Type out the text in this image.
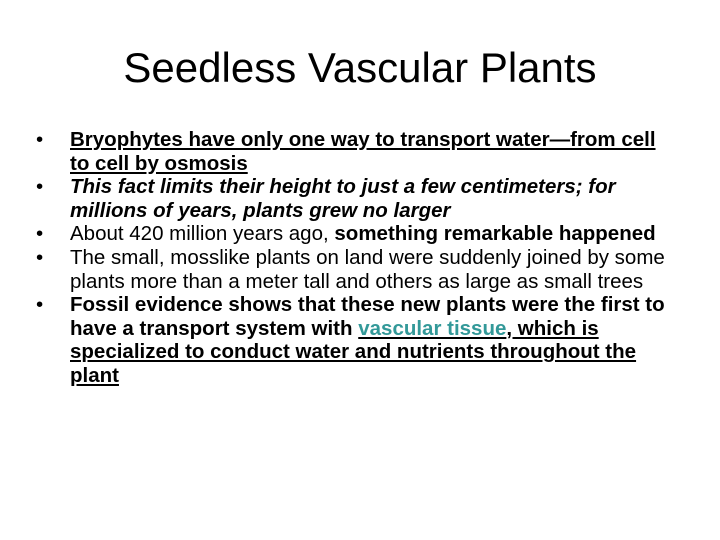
Seedless Vascular Plants
• Bryophytes have only one way to transport water—from cell to cell by osmosis
• This fact limits their height to just a few centimeters; for millions of years, plants grew no larger
• About 420 million years ago, something remarkable happened
• The small, mosslike plants on land were suddenly joined by some plants more than a meter tall and others as large as small trees
• Fossil evidence shows that these new plants were the first to have a transport system with vascular tissue, which is specialized to conduct water and nutrients throughout the plant
